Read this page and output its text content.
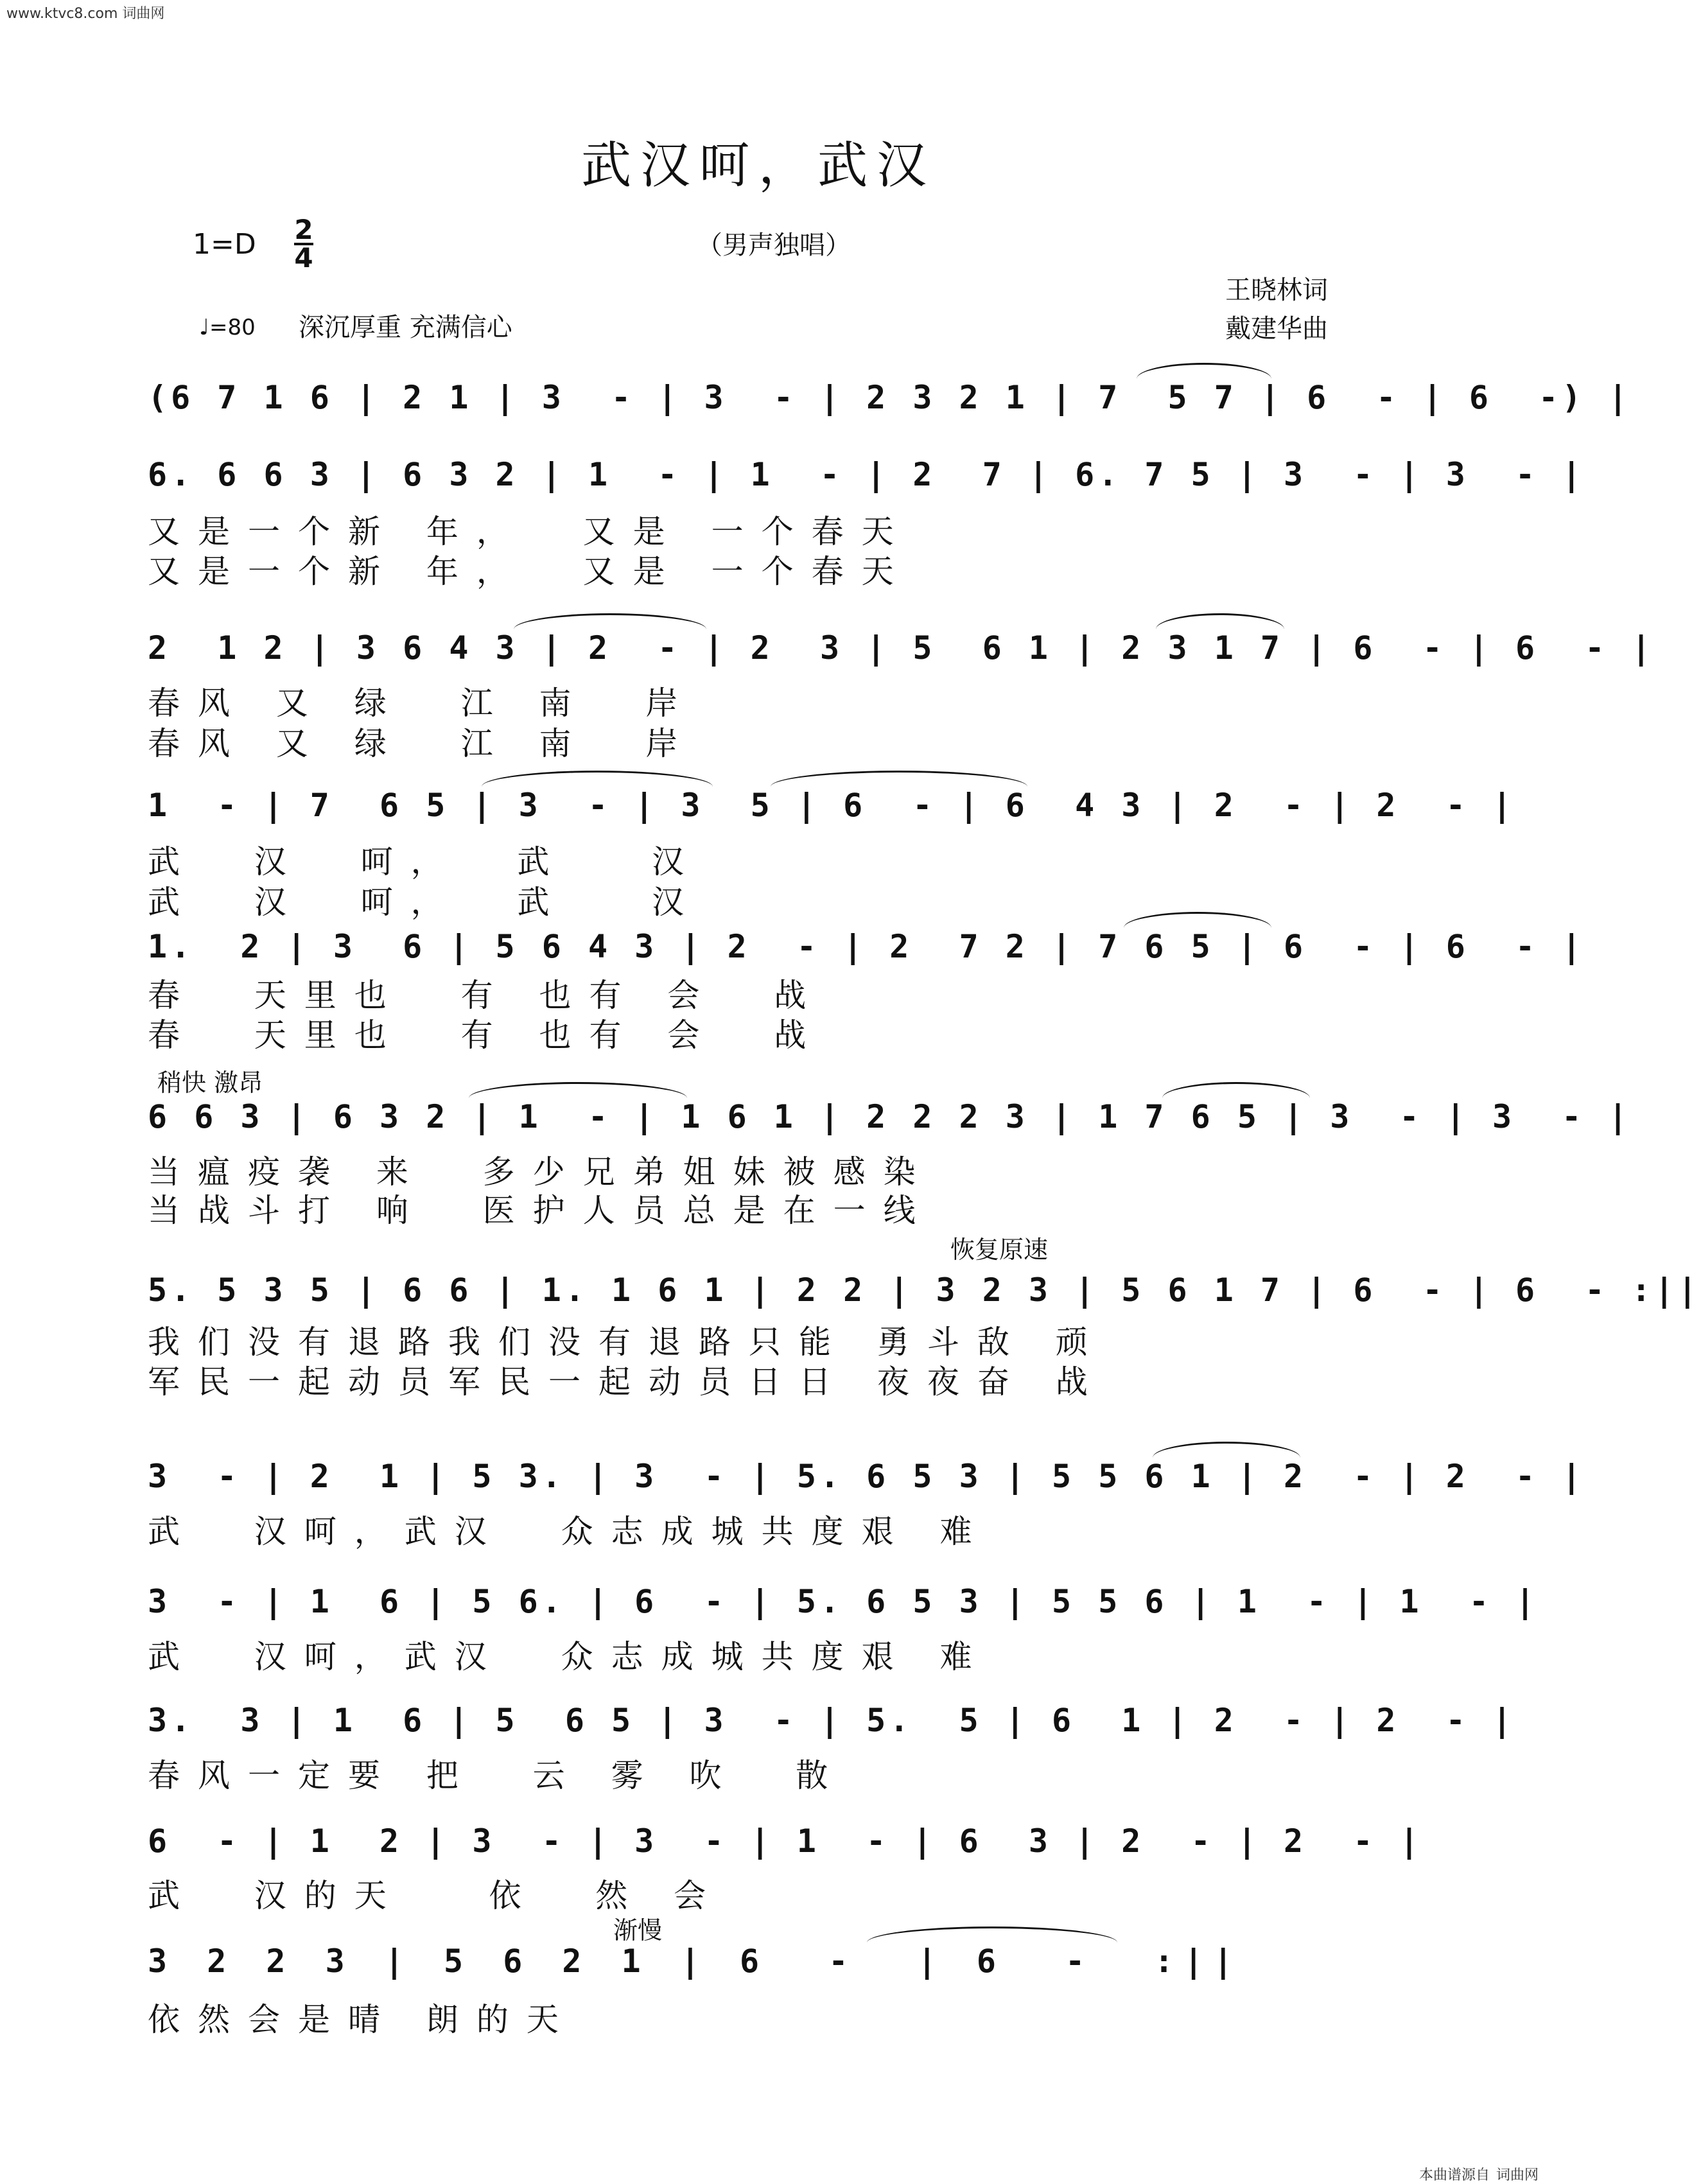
www.ktvc8.com 词曲网
武汉呵，武汉
1=D 2
4	（男声独唱）
王晓林词
戴建华曲
♩=80 深沉厚重 充满信心
(6 7 1 6 | 2 1 | 3  - | 3  - | 2 3 2 1 | 7  5 7 | 6  - | 6  -) |
6. 6 6 3 | 6 3 2 | 1  - | 1  - | 2  7 | 6. 7 5 | 3  - | 3  - |
又是一个新 年，  又是 一个春天
又是一个新 年，  又是 一个春天
2  1 2 | 3 6 4 3 | 2  - | 2  3 | 5  6 1 | 2 3 1 7 | 6  - | 6  - |
春风 又 绿  江 南  岸
春风 又 绿  江 南  岸
1  - | 7  6 5 | 3  - | 3  5 | 6  - | 6  4 3 | 2  - | 2  - |
武  汉  呵，  武   汉
武  汉  呵，  武   汉
1.  2 | 3  6 | 5 6 4 3 | 2  - | 2  7 2 | 7 6 5 | 6  - | 6  - |
春  天里也  有 也有 会  战
春  天里也  有 也有 会  战
稍快 激昂
6 6 3 | 6 3 2 | 1  - | 1 6 1 | 2 2 2 3 | 1 7 6 5 | 3  - | 3  - |
当瘟疫袭 来  多少兄弟姐妹被感染
当战斗打 响  医护人员总是在一线
恢复原速
5. 5 3 5 | 6 6 | 1. 1 6 1 | 2 2 | 3 2 3 | 5 6 1 7 | 6  - | 6  - :||
我们没有退路我们没有退路只能 勇斗敌 顽
军民一起动员军民一起动员日日 夜夜奋 战
3  - | 2  1 | 5 3. | 3  - | 5. 6 5 3 | 5 5 6 1 | 2  - | 2  - |
武  汉呵，武汉  众志成城共度艰 难
3  - | 1  6 | 5 6. | 6  - | 5. 6 5 3 | 5 5 6 | 1  - | 1  - |
武  汉呵，武汉  众志成城共度艰 难
3.  3 | 1  6 | 5  6 5 | 3  - | 5.  5 | 6  1 | 2  - | 2  - |
春风一定要 把  云 雾 吹  散
6  - | 1  2 | 3  - | 3  - | 1  - | 6  3 | 2  - | 2  - |
武  汉的天   依  然 会
渐慢
3 2 2 3 | 5 6 2 1 | 6  -  | 6  -  :||
依然会是晴 朗的天
本曲谱源自 词曲网
